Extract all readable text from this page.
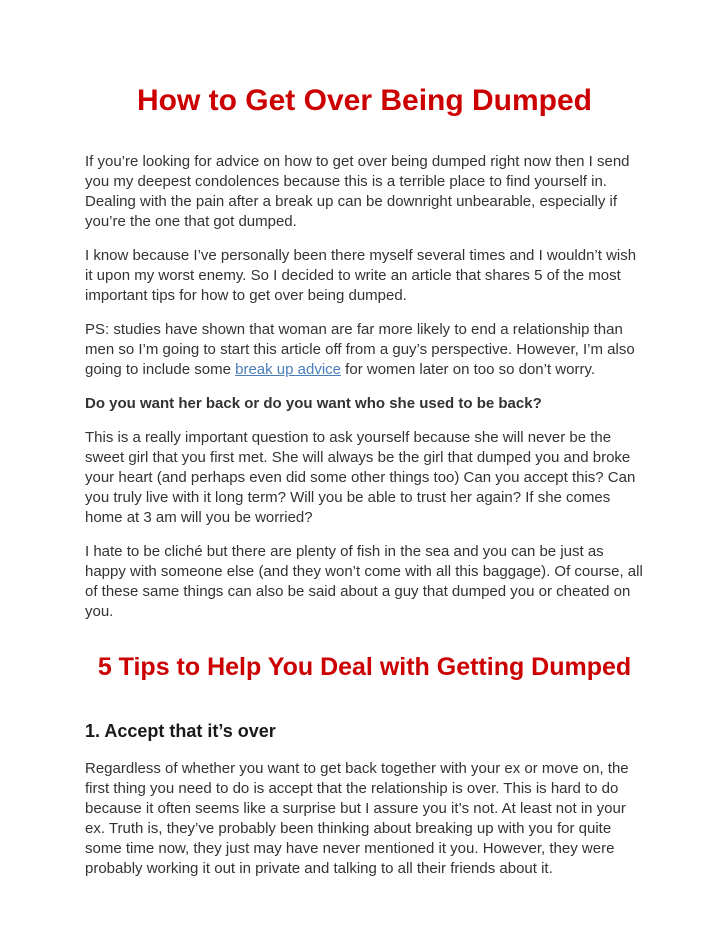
How to Get Over Being Dumped

If you’re looking for advice on how to get over being dumped right now then I send you my deepest condolences because this is a terrible place to find yourself in. Dealing with the pain after a break up can be downright unbearable, especially if you’re the one that got dumped.

I know because I’ve personally been there myself several times and I wouldn’t wish it upon my worst enemy. So I decided to write an article that shares 5 of the most important tips for how to get over being dumped.

PS: studies have shown that woman are far more likely to end a relationship than men so I’m going to start this article off from a guy’s perspective. However, I’m also going to include some break up advice for women later on too so don’t worry.

Do you want her back or do you want who she used to be back?

This is a really important question to ask yourself because she will never be the sweet girl that you first met. She will always be the girl that dumped you and broke your heart (and perhaps even did some other things too) Can you accept this? Can you truly live with it long term? Will you be able to trust her again? If she comes home at 3 am will you be worried?

I hate to be cliché but there are plenty of fish in the sea and you can be just as happy with someone else (and they won’t come with all this baggage). Of course, all of these same things can also be said about a guy that dumped you or cheated on you.

5 Tips to Help You Deal with Getting Dumped
1. Accept that it’s over

Regardless of whether you want to get back together with your ex or move on, the first thing you need to do is accept that the relationship is over. This is hard to do because it often seems like a surprise but I assure you it’s not. At least not in your ex. Truth is, they’ve probably been thinking about breaking up with you for quite some time now, they just may have never mentioned it you. However, they were probably working it out in private and talking to all their friends about it.
